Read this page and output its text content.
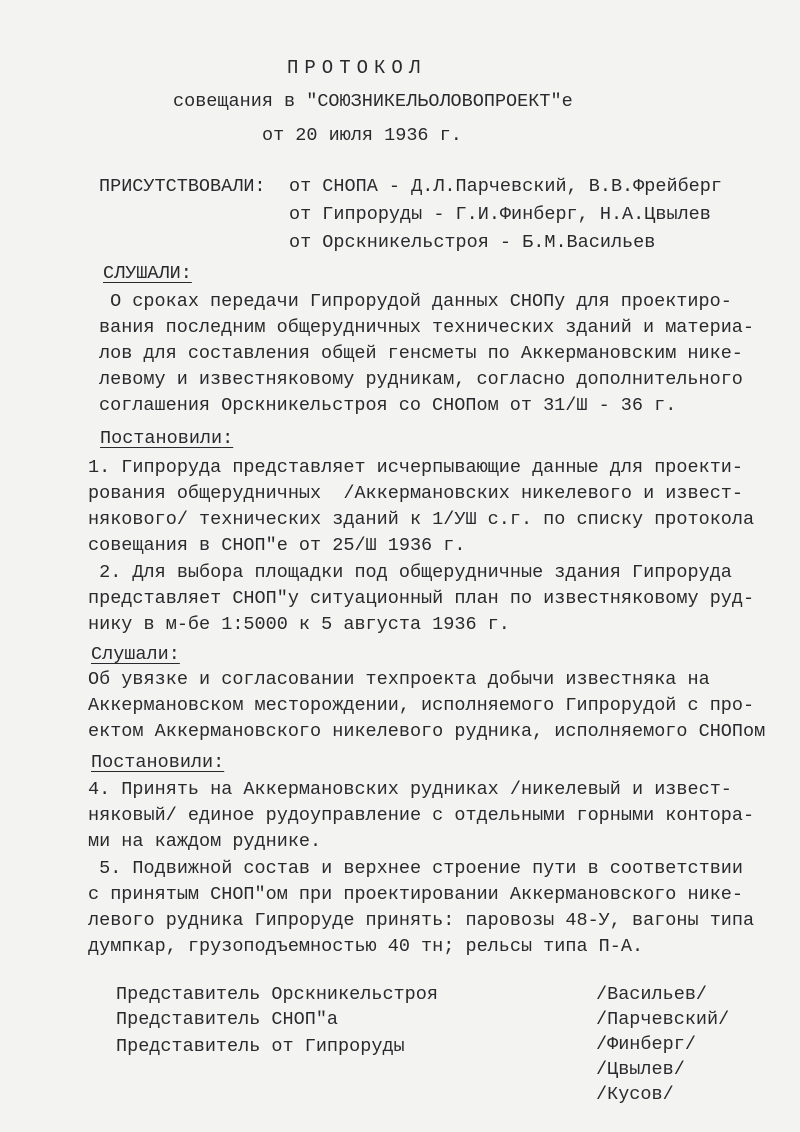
ПРОТОКОЛ
совещания в "СОЮЗНИКЕЛЬОЛОВОПРОЕКТ"е
от 20 июля 1936 г.
ПРИСУТСТВОВАЛИ: от СНОПА - Д.Л.Парчевский, В.В.Фрейберг
от Гипроруды - Г.И.Финберг, Н.А.Цвылев
от Орскникельстроя - Б.М.Васильев
СЛУШАЛИ:
О сроках передачи Гипрорудой данных СНОПу для проектиро-
вания последним общерудничных технических зданий и материа-
лов для составления общей генсметы по Аккермановским нике-
левому и известняковому рудникам, согласно дополнительного
соглашения Орскникельстроя со СНОПом от 31/Ш - 36 г.
Постановили:
1. Гипроруда представляет исчерпывающие данные для проекти-
рования общерудничных  /Аккермановских никелевого и извест-
някового/ технических зданий к 1/УШ с.г. по списку протокола
совещания в СНОП"е от 25/Ш 1936 г.
2. Для выбора площадки под общерудничные здания Гипроруда
представляет СНОП"у ситуационный план по известняковому руд-
нику в м-бе 1:5000 к 5 августа 1936 г.
Слушали:
Об увязке и согласовании техпроекта добычи известняка на
Аккермановском месторождении, исполняемого Гипрорудой с про-
ектом Аккермановского никелевого рудника, исполняемого СНОПом
Постановили:
4. Принять на Аккермановских рудниках /никелевый и извест-
няковый/ единое рудоуправление с отдельными горными контора-
ми на каждом руднике.
5. Подвижной состав и верхнее строение пути в соответствии
с принятым СНОП"ом при проектировании Аккермановского нике-
левого рудника Гипроруде принять: паровозы 48-У, вагоны типа
думпкар, грузоподъемностью 40 тн; рельсы типа П-А.
Представитель Орскникельстроя
Представитель СНОП"а
Представитель от Гипроруды
/Васильев/
/Парчевский/
/Финберг/
/Цвылев/
/Кусов/
